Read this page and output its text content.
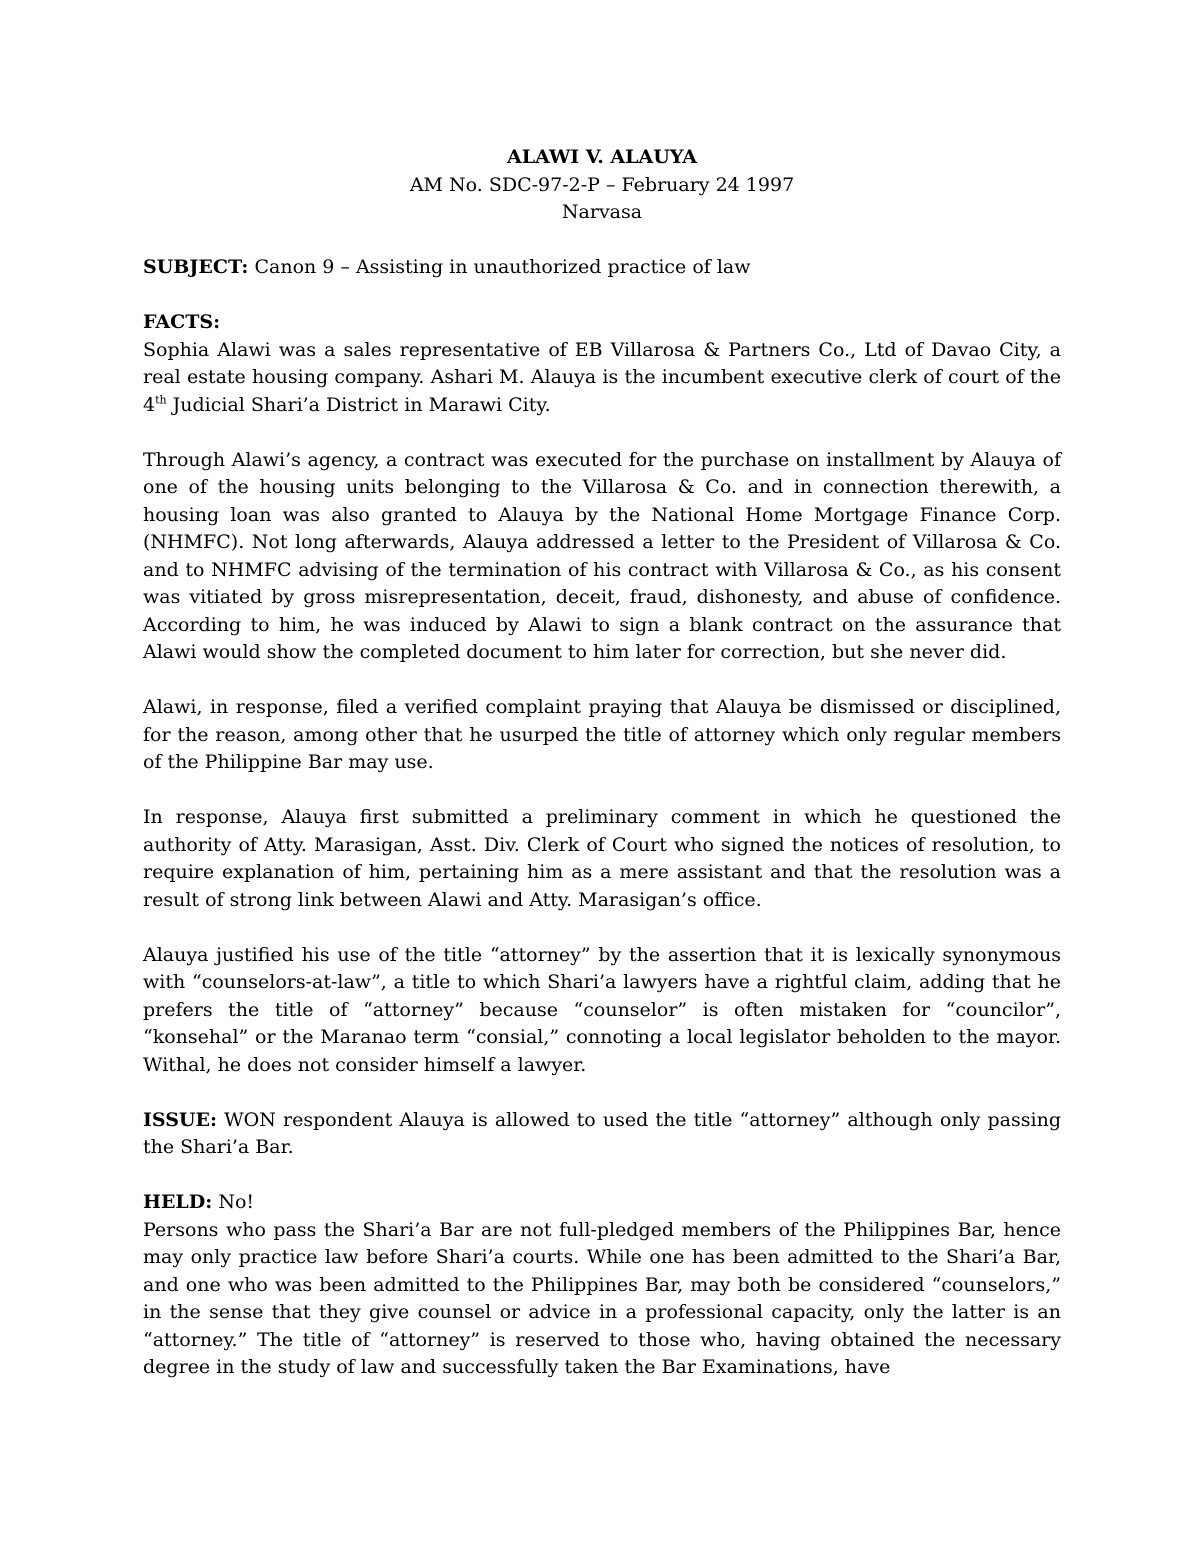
ALAWI V. ALAUYA

AM No. SDC-97-2-P – February 24 1997

Narvasa

SUBJECT: Canon 9 – Assisting in unauthorized practice of law

FACTS:

Sophia Alawi was a sales representative of EB Villarosa & Partners Co., Ltd of Davao City, a real estate housing company. Ashari M. Alauya is the incumbent executive clerk of court of the 4th Judicial Shari’a District in Marawi City.

Through Alawi’s agency, a contract was executed for the purchase on installment by Alauya of one of the housing units belonging to the Villarosa & Co. and in connection therewith, a housing loan was also granted to Alauya by the National Home Mortgage Finance Corp. (NHMFC). Not long afterwards, Alauya addressed a letter to the President of Villarosa & Co. and to NHMFC advising of the termination of his contract with Villarosa & Co., as his consent was vitiated by gross misrepresentation, deceit, fraud, dishonesty, and abuse of confidence. According to him, he was induced by Alawi to sign a blank contract on the assurance that Alawi would show the completed document to him later for correction, but she never did.

Alawi, in response, filed a verified complaint praying that Alauya be dismissed or disciplined, for the reason, among other that he usurped the title of attorney which only regular members of the Philippine Bar may use.

In response, Alauya first submitted a preliminary comment in which he questioned the authority of Atty. Marasigan, Asst. Div. Clerk of Court who signed the notices of resolution, to require explanation of him, pertaining him as a mere assistant and that the resolution was a result of strong link between Alawi and Atty. Marasigan’s office.

Alauya justified his use of the title “attorney” by the assertion that it is lexically synonymous with “counselors-at-law”, a title to which Shari’a lawyers have a rightful claim, adding that he prefers the title of “attorney” because “counselor” is often mistaken for “councilor”, “konsehal” or the Maranao term “consial,” connoting a local legislator beholden to the mayor. Withal, he does not consider himself a lawyer.

ISSUE: WON respondent Alauya is allowed to used the title “attorney” although only passing the Shari’a Bar.

HELD: No!

Persons who pass the Shari’a Bar are not full-pledged members of the Philippines Bar, hence may only practice law before Shari’a courts. While one has been admitted to the Shari’a Bar, and one who was been admitted to the Philippines Bar, may both be considered “counselors,” in the sense that they give counsel or advice in a professional capacity, only the latter is an “attorney.” The title of “attorney” is reserved to those who, having obtained the necessary degree in the study of law and successfully taken the Bar Examinations, have
